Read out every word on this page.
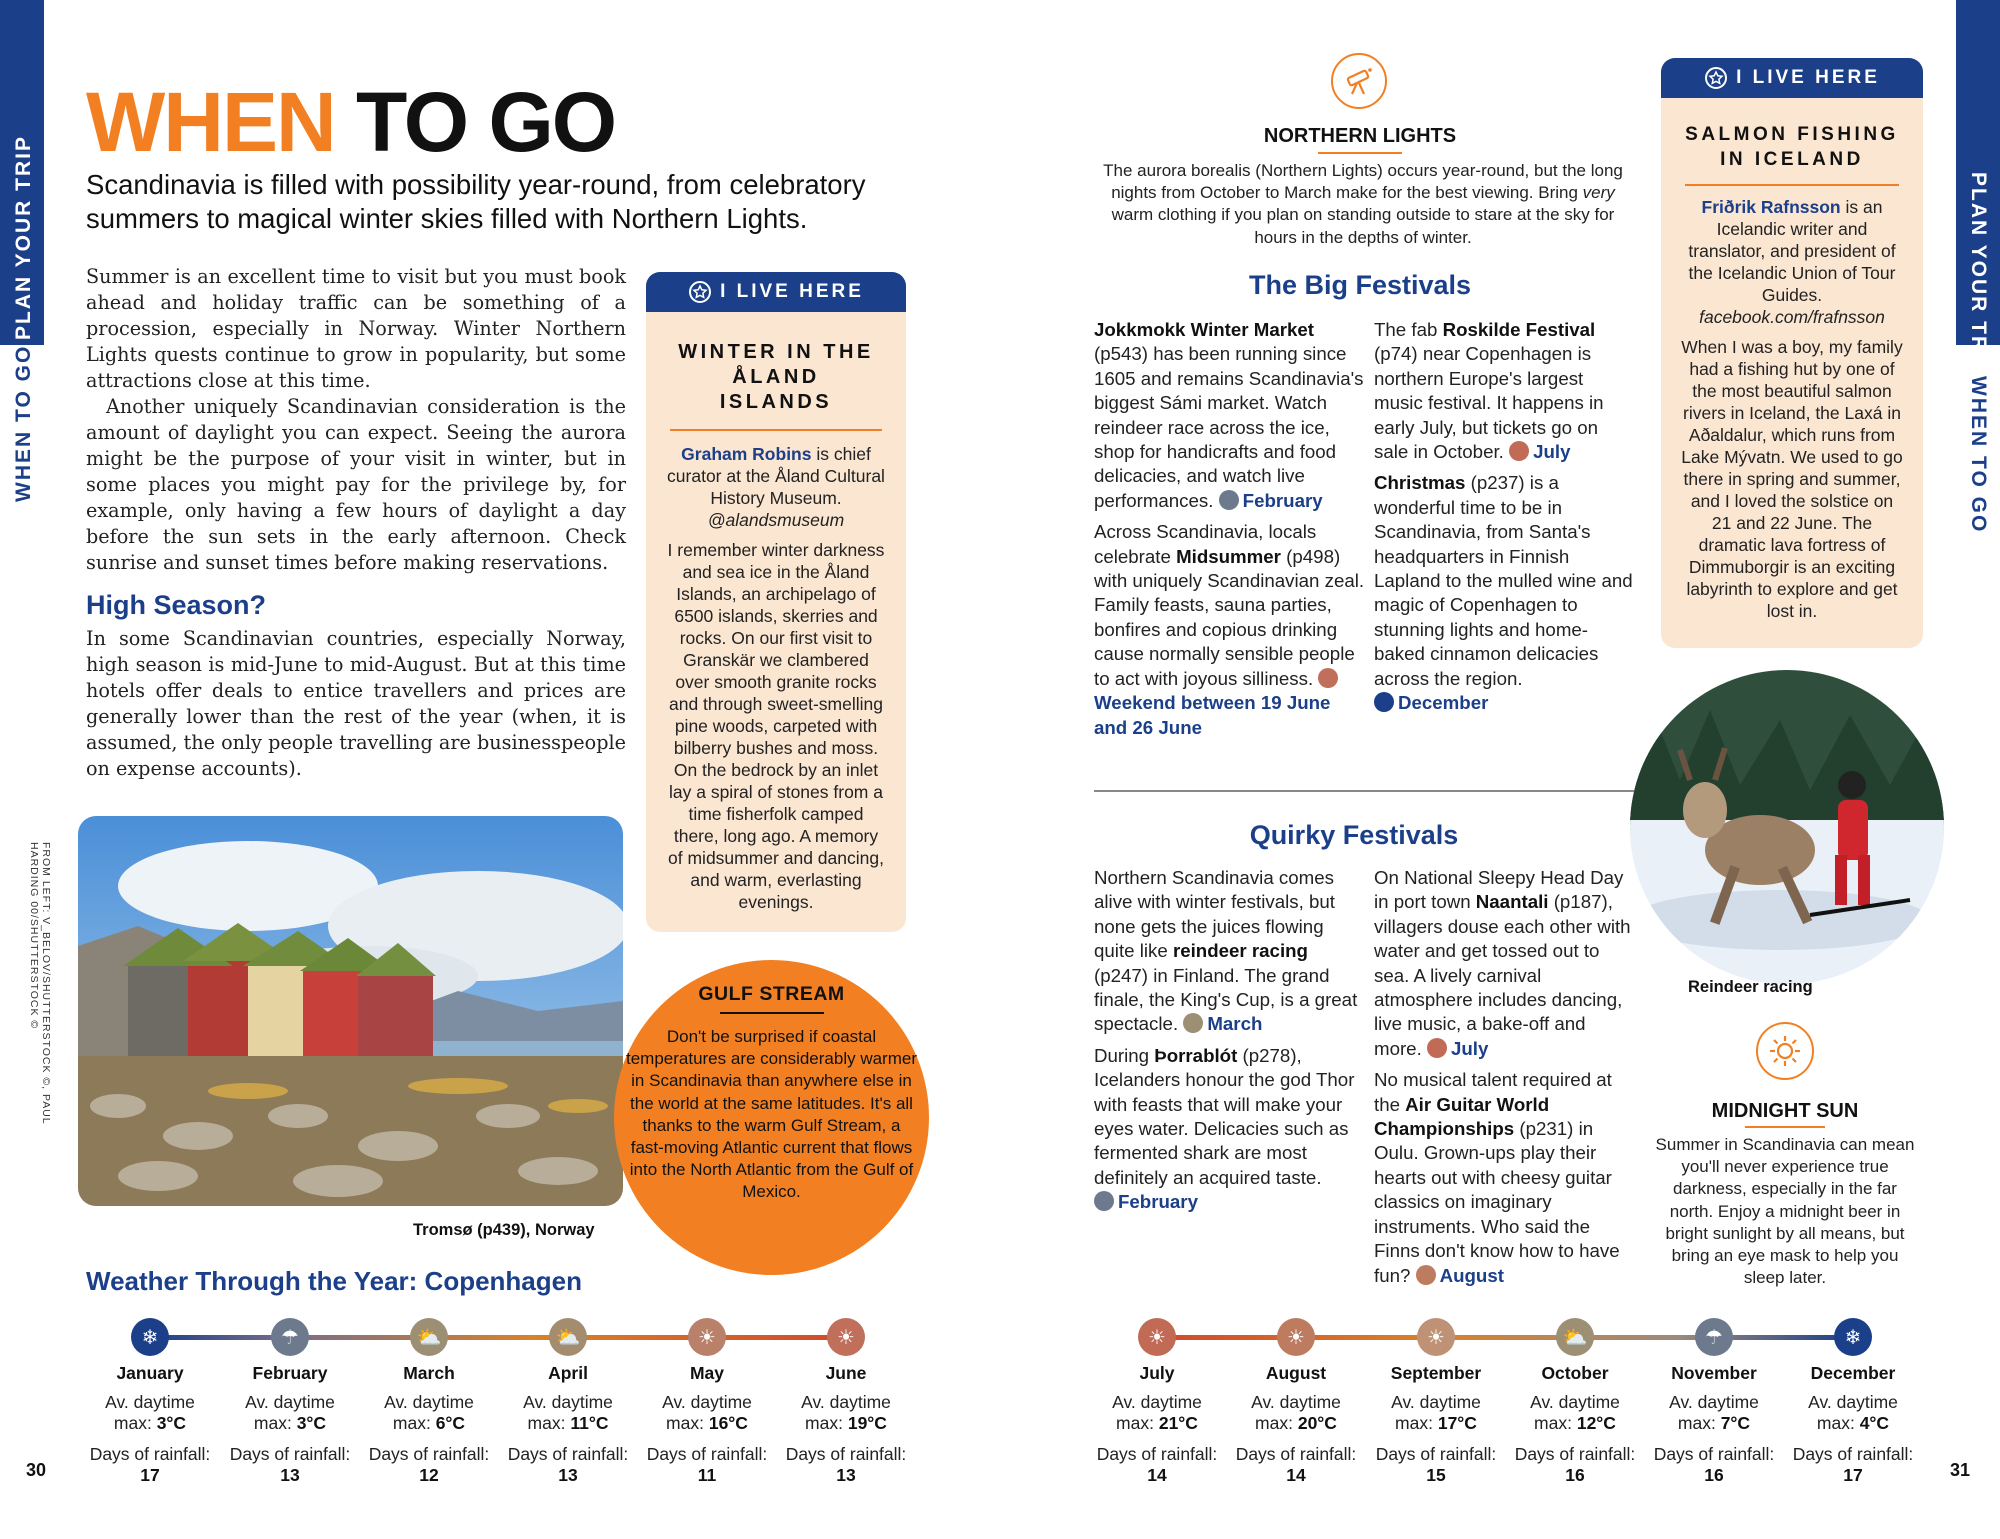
PLAN YOUR TRIP
WHEN TO GO
PLAN YOUR TRIP
WHEN TO GO
WHEN TO GO
Scandinavia is filled with possibility year-round, from celebratory summers to magical winter skies filled with Northern Lights.

Summer is an excellent time to visit but you must book ahead and holiday traffic can be something of a procession, especially in Norway. Winter Northern Lights quests continue to grow in popularity, but some attractions close at this time.

Another uniquely Scandinavian consideration is the amount of daylight you can expect. Seeing the aurora might be the purpose of your visit in winter, but in some places you might pay for the privilege by, for example, only having a few hours of daylight a day before the sun sets in the early afternoon. Check sunrise and sunset times before making reservations.

High Season?
In some Scandinavian countries, especially Norway, high season is mid-June to mid-August. But at this time hotels offer deals to entice travellers and prices are generally lower than the rest of the year (when, it is assumed, the only people travelling are businesspeople on expense accounts).
I LIVE HERE
WINTER IN THE ÅLAND ISLANDS
Graham Robins is chief curator at the Åland Cultural History Museum.
@alandsmuseum
I remember winter darkness and sea ice in the Åland Islands, an archipelago of 6500 islands, skerries and rocks. On our first visit to Granskär we clambered over smooth granite rocks and through sweet-smelling pine woods, carpeted with bilberry bushes and moss. On the bedrock by an inlet lay a spiral of stones from a time fisherfolk camped there, long ago. A memory of midsummer and dancing, and warm, everlasting evenings.
FROM LEFT: V_BELOV/SHUTTERSTOCK ©, PAUL HARDING 00/SHUTTERSTOCK ©
Tromsø (p439), Norway
GULF STREAM
Don't be surprised if coastal temperatures are considerably warmer in Scandinavia than anywhere else in the world at the same latitudes. It's all thanks to the warm Gulf Stream, a fast-moving Atlantic current that flows into the North Atlantic from the Gulf of Mexico.
NORTHERN LIGHTS
The aurora borealis (Northern Lights) occurs year-round, but the long nights from October to March make for the best viewing. Bring very warm clothing if you plan on standing outside to stare at the sky for hours in the depths of winter.
The Big Festivals

Jokkmokk Winter Market (p543) has been running since 1605 and remains Scandinavia's biggest Sámi market. Watch reindeer race across the ice, shop for handicrafts and food delicacies, and watch live performances. February

Across Scandinavia, locals celebrate Midsummer (p498) with uniquely Scandinavian zeal. Family feasts, sauna parties, bonfires and copious drinking cause normally sensible people to act with joyous silliness. Weekend between 19 June and 26 June

The fab Roskilde Festival (p74) near Copenhagen is northern Europe's largest music festival. It happens in early July, but tickets go on sale in October. July

Christmas (p237) is a wonderful time to be in Scandinavia, from Santa's headquarters in Finnish Lapland to the mulled wine and magic of Copenhagen to stunning lights and home-baked cinnamon delicacies across the region. December

Quirky Festivals

Northern Scandinavia comes alive with winter festivals, but none gets the juices flowing quite like reindeer racing (p247) in Finland. The grand finale, the King's Cup, is a great spectacle. March

During Þorrablót (p278), Icelanders honour the god Thor with feasts that will make your eyes water. Delicacies such as fermented shark are most definitely an acquired taste. February

On National Sleepy Head Day in port town Naantali (p187), villagers douse each other with water and get tossed out to sea. A lively carnival atmosphere includes dancing, live music, a bake-off and more. July

No musical talent required at the Air Guitar World Championships (p231) in Oulu. Grown-ups play their hearts out with cheesy guitar classics on imaginary instruments. Who said the Finns don't know how to have fun? August

I LIVE HERE
SALMON FISHING IN ICELAND
Friðrik Rafnsson is an Icelandic writer and translator, and president of the Icelandic Union of Tour Guides.
facebook.com/frafnsson
When I was a boy, my family had a fishing hut by one of the most beautiful salmon rivers in Iceland, the Laxá in Aðaldalur, which runs from Lake Mývatn. We used to go there in spring and summer, and I loved the solstice on 21 and 22 June. The dramatic lava fortress of Dimmuborgir is an exciting labyrinth to explore and get lost in.
Reindeer racing
MIDNIGHT SUN
Summer in Scandinavia can mean you'll never experience true darkness, especially in the far north. Enjoy a midnight beer in bright sunlight by all means, but bring an eye mask to help you sleep later.
Weather Through the Year: Copenhagen
❄	☂	⛅	⛅	☀	☀	☀	☀	☀	⛅	☂	❄
January
Av. daytime
max: 3°C
Days of rainfall:
17
February
Av. daytime
max: 3°C
Days of rainfall:
13
March
Av. daytime
max: 6°C
Days of rainfall:
12
April
Av. daytime
max: 11°C
Days of rainfall:
13
May
Av. daytime
max: 16°C
Days of rainfall:
11
June
Av. daytime
max: 19°C
Days of rainfall:
13
July
Av. daytime
max: 21°C
Days of rainfall:
14
August
Av. daytime
max: 20°C
Days of rainfall:
14
September
Av. daytime
max: 17°C
Days of rainfall:
15
October
Av. daytime
max: 12°C
Days of rainfall:
16
November
Av. daytime
max: 7°C
Days of rainfall:
16
December
Av. daytime
max: 4°C
Days of rainfall:
17
30	31
